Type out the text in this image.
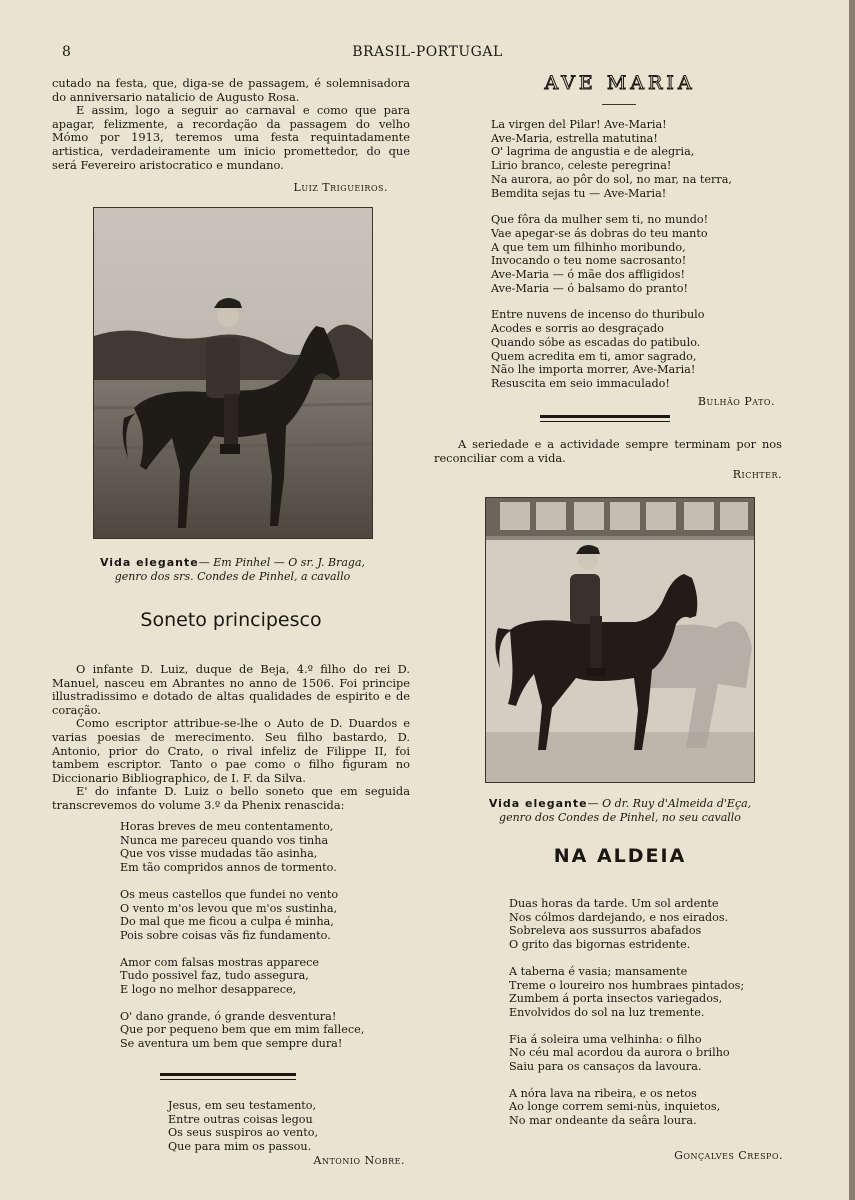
8	BRASIL-PORTUGAL

cutado na festa, que, diga-se de passagem, é solemnisadora do anniversario natalicio de Augusto Rosa.

E assim, logo a seguir ao carnaval e como que para apagar, felizmente, a recordação da passagem do velho Mómo por 1913, teremos uma festa requintadamente artistica, verdadeiramente um inicio promettedor, do que será Fevereiro aristocratico e mundano.

Luiz Trigueiros.
Vida elegante— Em Pinhel — O sr. J. Braga,
genro dos srs. Condes de Pinhel, a cavallo
Soneto principesco

O infante D. Luiz, duque de Beja, 4.º filho do rei D. Manuel, nasceu em Abrantes no anno de 1506. Foi principe illustradissimo e dotado de altas qualidades de espirito e de coração.

Como escriptor attribue-se-lhe o Auto de D. Duardos e varias poesias de merecimento. Seu filho bastardo, D. Antonio, prior do Crato, o rival infeliz de Filippe II, foi tambem escriptor. Tanto o pae como o filho figuram no Diccionario Bibliographico, de I. F. da Silva.

E' do infante D. Luiz o bello soneto que em seguida transcrevemos do volume 3.º da Phenix renascida:

Horas breves de meu contentamento,
Nunca me pareceu quando vos tinha
Que vos visse mudadas tão asinha,
Em tão compridos annos de tormento.
Os meus castellos que fundei no vento
O vento m'os levou que m'os sustinha,
Do mal que me ficou a culpa é minha,
Pois sobre coisas vãs fiz fundamento.
Amor com falsas mostras apparece
Tudo possivel faz, tudo assegura,
E logo no melhor desapparece,
O' dano grande, ó grande desventura!
Que por pequeno bem que em mim fallece,
Se aventura um bem que sempre dura!
Jesus, em seu testamento,
Entre outras coisas legou
Os seus suspiros ao vento,
Que para mim os passou.
Antonio Nobre.
AVE MARIA
La virgen del Pilar! Ave-Maria!
Ave-Maria, estrella matutina!
O' lagrima de angustia e de alegria,
Lirio branco, celeste peregrina!
Na aurora, ao pôr do sol, no mar, na terra,
Bemdita sejas tu — Ave-Maria!
Que fôra da mulher sem ti, no mundo!
Vae apegar-se ás dobras do teu manto
A que tem um filhinho moribundo,
Invocando o teu nome sacrosanto!
Ave-Maria — ó mãe dos affligidos!
Ave-Maria — ó balsamo do pranto!
Entre nuvens de incenso do thuribulo
Acodes e sorris ao desgraçado
Quando sóbe as escadas do patibulo.
Quem acredita em ti, amor sagrado,
Não lhe importa morrer, Ave-Maria!
Resuscita em seio immaculado!
Bulhão Pato.

A seriedade e a actividade sempre terminam por nos reconciliar com a vida.

Richter.
Vida elegante— O dr. Ruy d'Almeida d'Eça,
genro dos Condes de Pinhel, no seu cavallo
NA ALDEIA
Duas horas da tarde. Um sol ardente
Nos cólmos dardejando, e nos eirados.
Sobreleva aos sussurros abafados
O grito das bigornas estridente.
A taberna é vasia; mansamente
Treme o loureiro nos humbraes pintados;
Zumbem á porta insectos variegados,
Envolvidos do sol na luz tremente.
Fia á soleira uma velhinha: o filho
No céu mal acordou da aurora o brilho
Saiu para os cansaços da lavoura.
A nóra lava na ribeira, e os netos
Ao longe correm semi-nùs, inquietos,
No mar ondeante da seâra loura.
Gonçalves Crespo.
